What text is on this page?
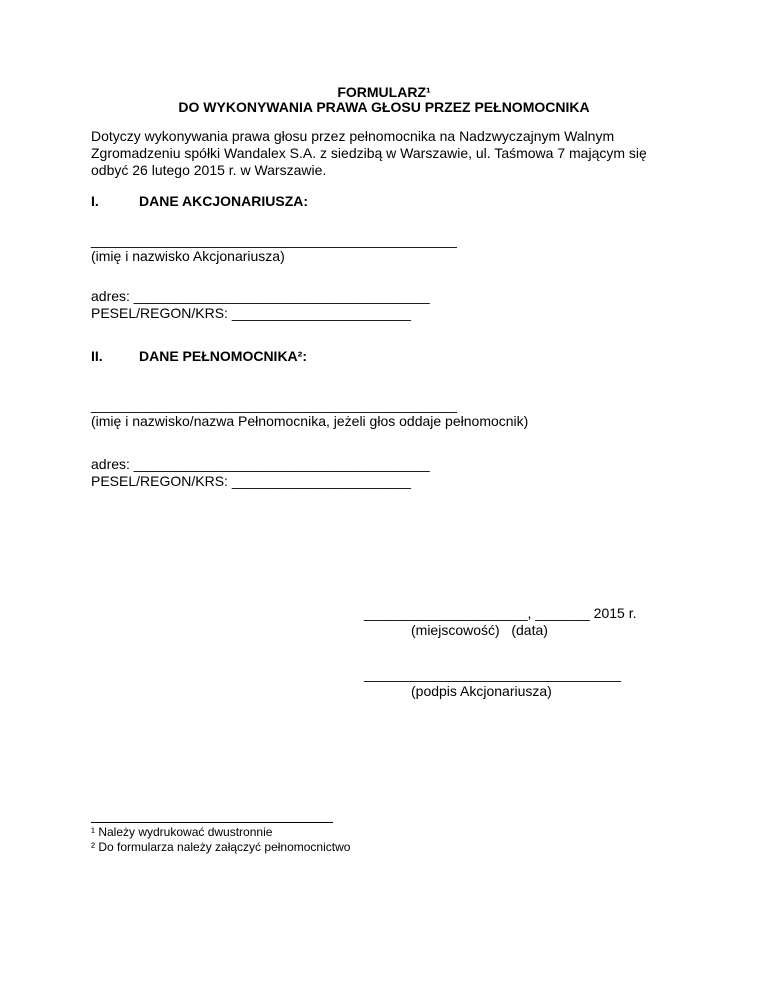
FORMULARZ¹
DO WYKONYWANIA PRAWA GŁOSU PRZEZ PEŁNOMOCNIKA
Dotyczy wykonywania prawa głosu przez pełnomocnika na Nadzwyczajnym Walnym
Zgromadzeniu spółki Wandalex S.A. z siedzibą w Warszawie, ul. Taśmowa 7 mającym się
odbyć 26 lutego 2015 r. w Warszawie.
I.	DANE AKCJONARIUSZA:
_______________________________________________
(imię i nazwisko Akcjonariusza)
adres: ______________________________________
PESEL/REGON/KRS: _______________________
II.	DANE PEŁNOMOCNIKA²:
_______________________________________________
(imię i nazwisko/nazwa Pełnomocnika, jeżeli głos oddaje pełnomocnik)
adres: ______________________________________
PESEL/REGON/KRS: _______________________
_____________________, _______ 2015 r.
(miejscowość)   (data)
_________________________________
(podpis Akcjonariusza)
¹ Należy wydrukować dwustronnie
² Do formularza należy załączyć pełnomocnictwo
